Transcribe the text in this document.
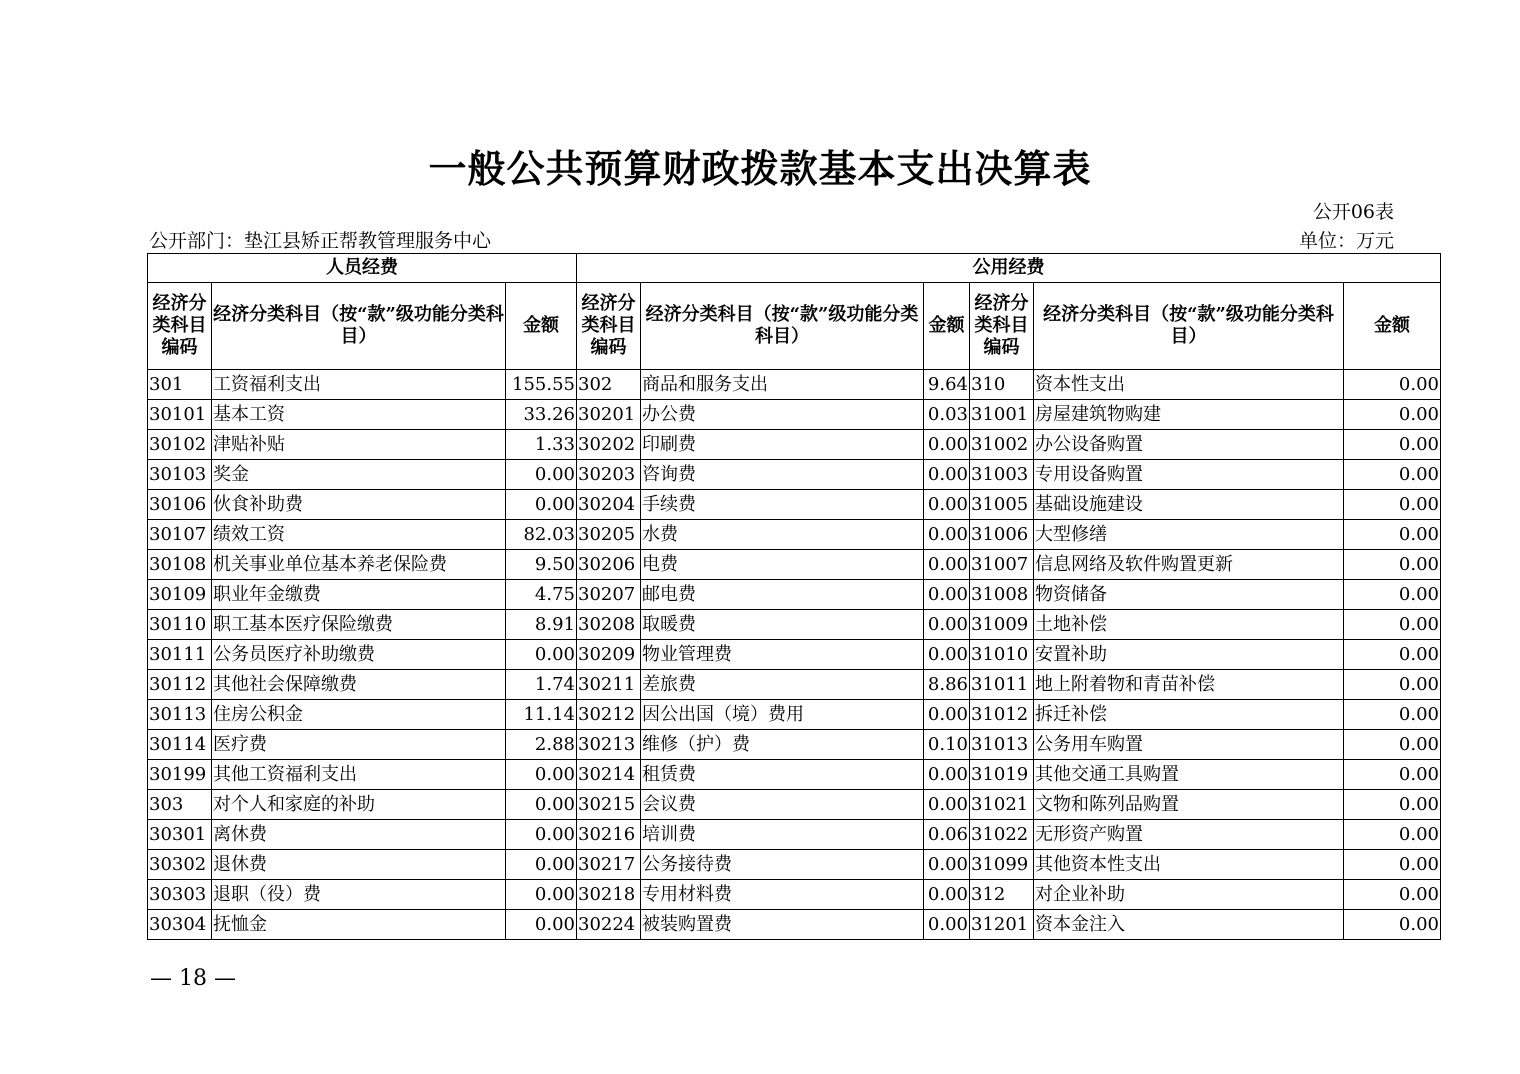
一般公共预算财政拨款基本支出决算表
公开06表
公开部门：垫江县矫正帮教管理服务中心	单位：万元
人员经费			公用经费					
经济分类科目编码	经济分类科目（按“款”级功能分类科目）	金额	经济分类科目编码	经济分类科目（按“款”级功能分类科目）	金额	经济分类科目编码	经济分类科目（按“款”级功能分类科目）	金额
301	工资福利支出	155.55	302	商品和服务支出	9.64	310	资本性支出	0.00
30101	基本工资	33.26	30201	办公费	0.03	31001	房屋建筑物购建	0.00
30102	津贴补贴	1.33	30202	印刷费	0.00	31002	办公设备购置	0.00
30103	奖金	0.00	30203	咨询费	0.00	31003	专用设备购置	0.00
30106	伙食补助费	0.00	30204	手续费	0.00	31005	基础设施建设	0.00
30107	绩效工资	82.03	30205	水费	0.00	31006	大型修缮	0.00
30108	机关事业单位基本养老保险费	9.50	30206	电费	0.00	31007	信息网络及软件购置更新	0.00
30109	职业年金缴费	4.75	30207	邮电费	0.00	31008	物资储备	0.00
30110	职工基本医疗保险缴费	8.91	30208	取暖费	0.00	31009	土地补偿	0.00
30111	公务员医疗补助缴费	0.00	30209	物业管理费	0.00	31010	安置补助	0.00
30112	其他社会保障缴费	1.74	30211	差旅费	8.86	31011	地上附着物和青苗补偿	0.00
30113	住房公积金	11.14	30212	因公出国（境）费用	0.00	31012	拆迁补偿	0.00
30114	医疗费	2.88	30213	维修（护）费	0.10	31013	公务用车购置	0.00
30199	其他工资福利支出	0.00	30214	租赁费	0.00	31019	其他交通工具购置	0.00
303	对个人和家庭的补助	0.00	30215	会议费	0.00	31021	文物和陈列品购置	0.00
30301	离休费	0.00	30216	培训费	0.06	31022	无形资产购置	0.00
30302	退休费	0.00	30217	公务接待费	0.00	31099	其他资本性支出	0.00
30303	退职（役）费	0.00	30218	专用材料费	0.00	312	对企业补助	0.00
30304	抚恤金	0.00	30224	被装购置费	0.00	31201	资本金注入	0.00
— 18 —
